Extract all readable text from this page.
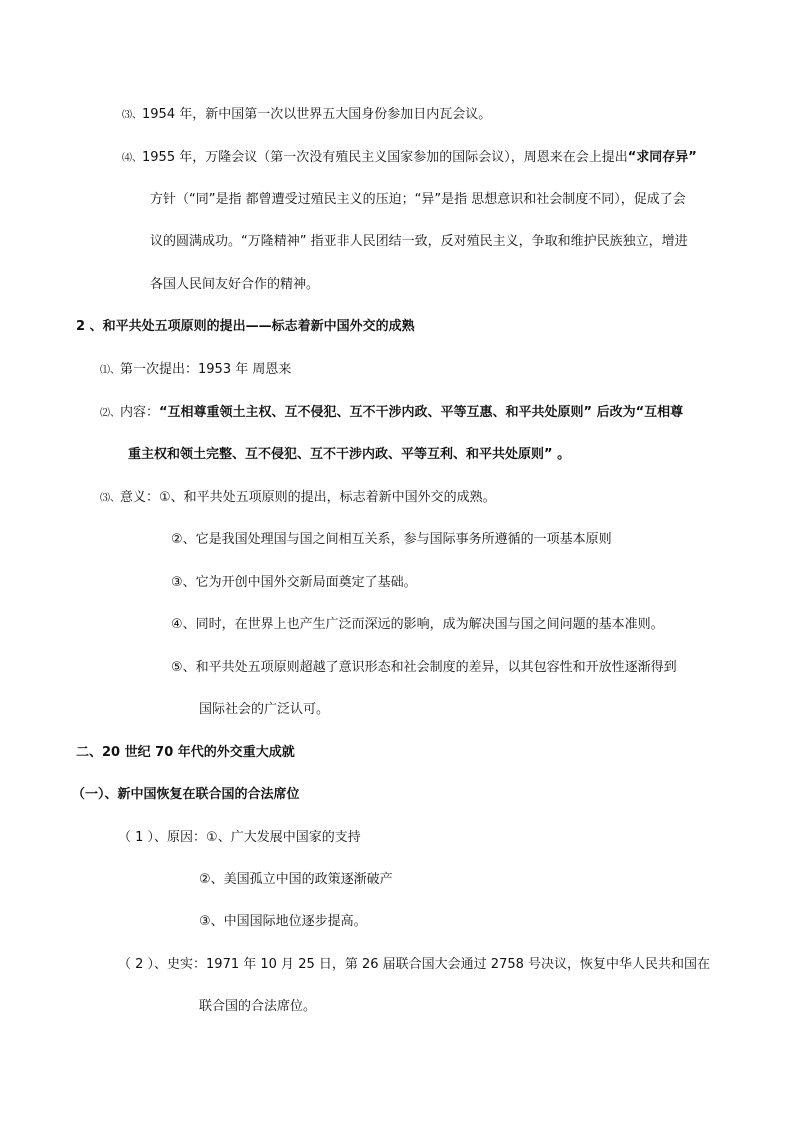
⑶、1954 年，新中国第一次以世界五大国身份参加日内瓦会议。
⑷、1955 年，万隆会议（第一次没有殖民主义国家参加的国际会议），周恩来在会上提出“求同存异”
方针（“同”是指 都曾遭受过殖民主义的压迫；“异”是指 思想意识和社会制度不同），促成了会
议的圆满成功。“万隆精神” 指亚非人民团结一致，反对殖民主义，争取和维护民族独立，增进
各国人民间友好合作的精神。
2 、和平共处五项原则的提出——标志着新中国外交的成熟
⑴、第一次提出：1953 年 周恩来
⑵、内容：“互相尊重领土主权、互不侵犯、互不干涉内政、平等互惠、和平共处原则” 后改为“互相尊
重主权和领土完整、互不侵犯、互不干涉内政、平等互利、和平共处原则” 。
⑶、意义：①、和平共处五项原则的提出，标志着新中国外交的成熟。
②、它是我国处理国与国之间相互关系，参与国际事务所遵循的一项基本原则
③、它为开创中国外交新局面奠定了基础。
④、同时，在世界上也产生广泛而深远的影响，成为解决国与国之间问题的基本准则。
⑤、和平共处五项原则超越了意识形态和社会制度的差异，以其包容性和开放性逐渐得到
国际社会的广泛认可。
二、20 世纪 70 年代的外交重大成就
（一）、新中国恢复在联合国的合法席位
（ 1 ）、原因：①、广大发展中国家的支持
②、美国孤立中国的政策逐渐破产
③、中国国际地位逐步提高。
（ 2 ）、史实：1971 年 10 月 25 日，第 26 届联合国大会通过 2758 号决议，恢复中华人民共和国在
联合国的合法席位。
